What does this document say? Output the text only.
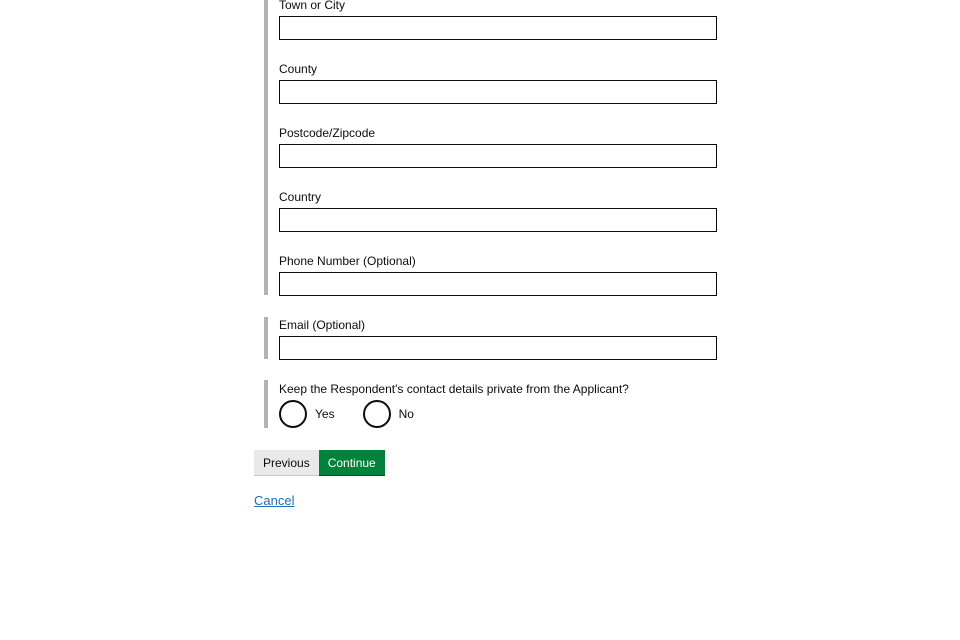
Town or City
County
Postcode/Zipcode
Country
Phone Number (Optional)
Email (Optional)
Keep the Respondent's contact details private from the Applicant?
Yes	No
Previous	Continue
Cancel
